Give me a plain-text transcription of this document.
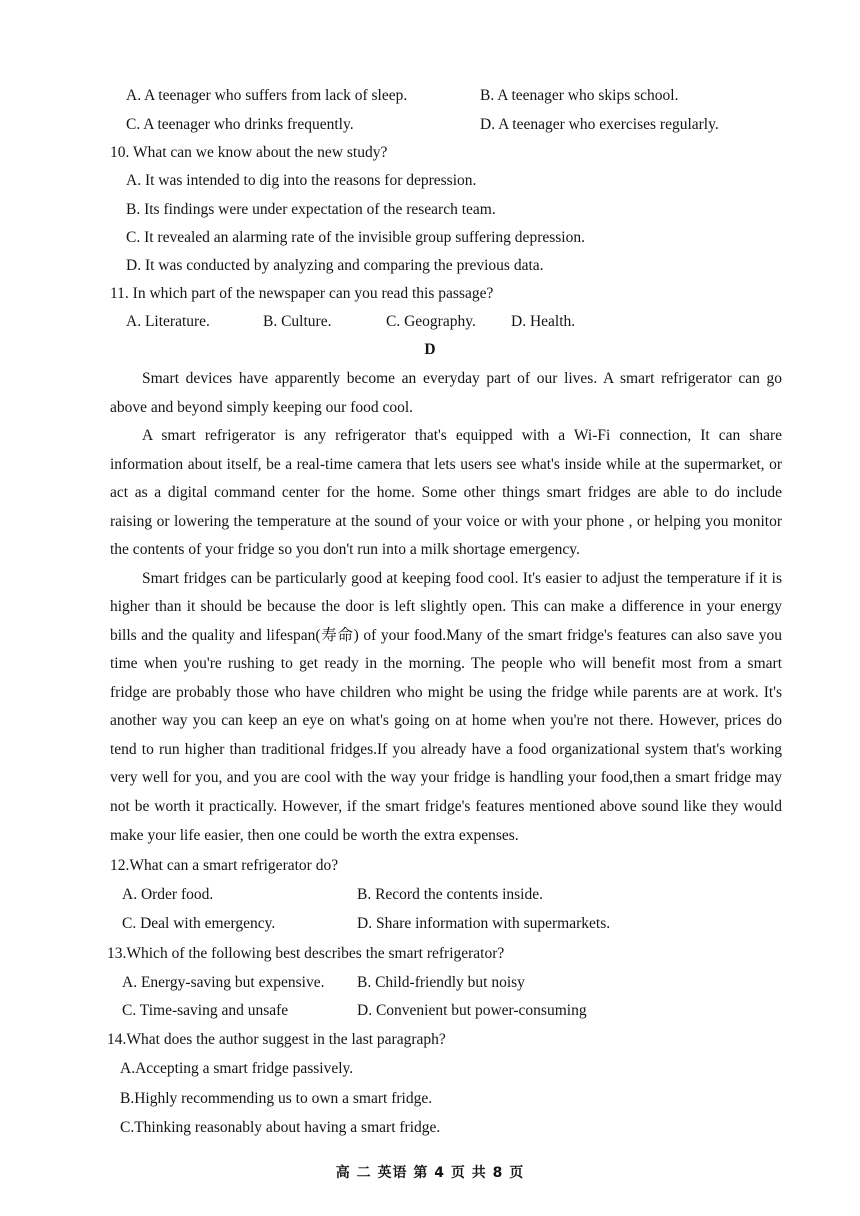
A. A teenager who suffers from lack of sleep.	B. A teenager who skips school.
C. A teenager who drinks frequently.	D. A teenager who exercises regularly.
10. What can we know about the new study?
A. It was intended to dig into the reasons for depression.
B. Its findings were under expectation of the research team.
C. It revealed an alarming rate of the invisible group suffering depression.
D. It was conducted by analyzing and comparing the previous data.
11. In which part of the newspaper can you read this passage?
A. Literature.	B. Culture.	C. Geography. D. Health.
D
Smart devices have apparently become an everyday part of our lives. A smart refrigerator can go
above and beyond simply keeping our food cool.
A smart refrigerator is any refrigerator that's equipped with a Wi-Fi connection, It can share
information about itself, be a real-time camera that lets users see what's inside while at the supermarket, or
act as a digital command center for the home. Some other things smart fridges are able to do include
raising or lowering the temperature at the sound of your voice or with your phone , or helping you monitor
the contents of your fridge so you don't run into a milk shortage emergency.
Smart fridges can be particularly good at keeping food cool. It's easier to adjust the temperature if it is
higher than it should be because the door is left slightly open. This can make a difference in your energy
bills and the quality and lifespan(寿命) of your food.Many of the smart fridge's features can also save you
time when you're rushing to get ready in the morning. The people who will benefit most from a smart
fridge are probably those who have children who might be using the fridge while parents are at work. It's
another way you can keep an eye on what's going on at home when you're not there. However, prices do
tend to run higher than traditional fridges.If you already have a food organizational system that's working
very well for you, and you are cool with the way your fridge is handling your food,then a smart fridge may
not be worth it practically. However, if the smart fridge's features mentioned above sound like they would
make your life easier, then one could be worth the extra expenses.
12.What can a smart refrigerator do?
A. Order food.	B. Record the contents inside.
C. Deal with emergency.	D. Share information with supermarkets.
13.Which of the following best describes the smart refrigerator?
A. Energy-saving but expensive. B. Child-friendly but noisy
C. Time-saving and unsafe	D. Convenient but power-consuming
14.What does the author suggest in the last paragraph?
A.Accepting a smart fridge passively.
B.Highly recommending us to own a smart fridge.
C.Thinking reasonably about having a smart fridge.
高 二 英语 第 4 页 共 8 页
